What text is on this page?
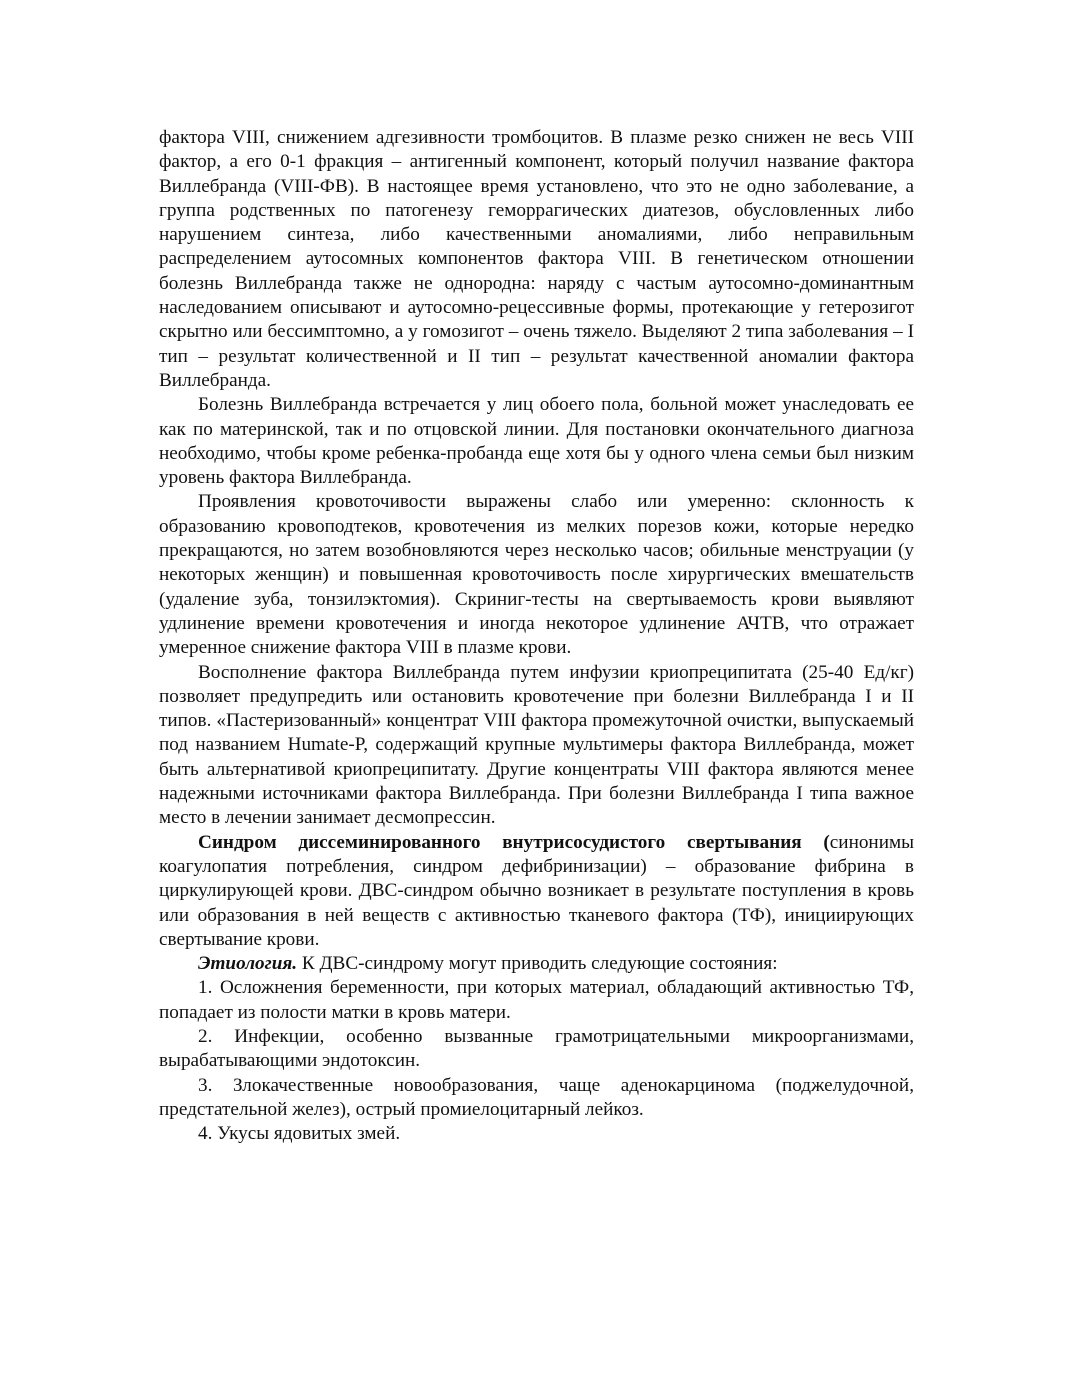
фактора VIII, снижением адгезивности тромбоцитов. В плазме резко снижен не весь VIII фактор, а его 0-1 фракция – антигенный компонент, который получил название фактора Виллебранда (VIII-ФВ). В настоящее время установлено, что это не одно заболевание, а группа родственных по патогенезу геморрагических диатезов, обусловленных либо нарушением синтеза, либо качественными аномалиями, либо неправильным распределением аутосомных компонентов фактора VIII. В генетическом отношении болезнь Виллебранда также не однородна: наряду с частым аутосомно-доминантным наследованием описывают и аутосомно-рецессивные формы, протекающие у гетерозигот скрытно или бессимптомно, а у гомозигот – очень тяжело. Выделяют 2 типа заболевания – I тип – результат количественной и II тип – результат качественной аномалии фактора Виллебранда.

Болезнь Виллебранда встречается у лиц обоего пола, больной может унаследовать ее как по материнской, так и по отцовской линии. Для постановки окончательного диагноза необходимо, чтобы кроме ребенка-пробанда еще хотя бы у одного члена семьи был низким уровень фактора Виллебранда.

Проявления кровоточивости выражены слабо или умеренно: склонность к образованию кровоподтеков, кровотечения из мелких порезов кожи, которые нередко прекращаются, но затем возобновляются через несколько часов; обильные менструации (у некоторых женщин) и повышенная кровоточивость после хирургических вмешательств (удаление зуба, тонзилэктомия). Скриниг-тесты на свертываемость крови выявляют удлинение времени кровотечения и иногда некоторое удлинение АЧТВ, что отражает умеренное снижение фактора VIII в плазме крови.

Восполнение фактора Виллебранда путем инфузии криопреципитата (25-40 Ед/кг) позволяет предупредить или остановить кровотечение при болезни Виллебранда I и II типов. «Пастеризованный» концентрат VIII фактора промежуточной очистки, выпускаемый под названием Humate-P, содержащий крупные мультимеры фактора Виллебранда, может быть альтернативой криопреципитату. Другие концентраты VIII фактора являются менее надежными источниками фактора Виллебранда. При болезни Виллебранда I типа важное место в лечении занимает десмопрессин.

Синдром диссеминированного внутрисосудистого свертывания (синонимы коагулопатия потребления, синдром дефибринизации) – образование фибрина в циркулирующей крови. ДВС-синдром обычно возникает в результате поступления в кровь или образования в ней веществ с активностью тканевого фактора (ТФ), инициирующих свертывание крови.

Этиология. К ДВС-синдрому могут приводить следующие состояния:

1. Осложнения беременности, при которых материал, обладающий активностью ТФ, попадает из полости матки в кровь матери.

2. Инфекции, особенно вызванные грамотрицательными микроорганизмами, вырабатывающими эндотоксин.

3. Злокачественные новообразования, чаще аденокарцинома (поджелудочной, предстательной желез), острый промиелоцитарный лейкоз.

4. Укусы ядовитых змей.
